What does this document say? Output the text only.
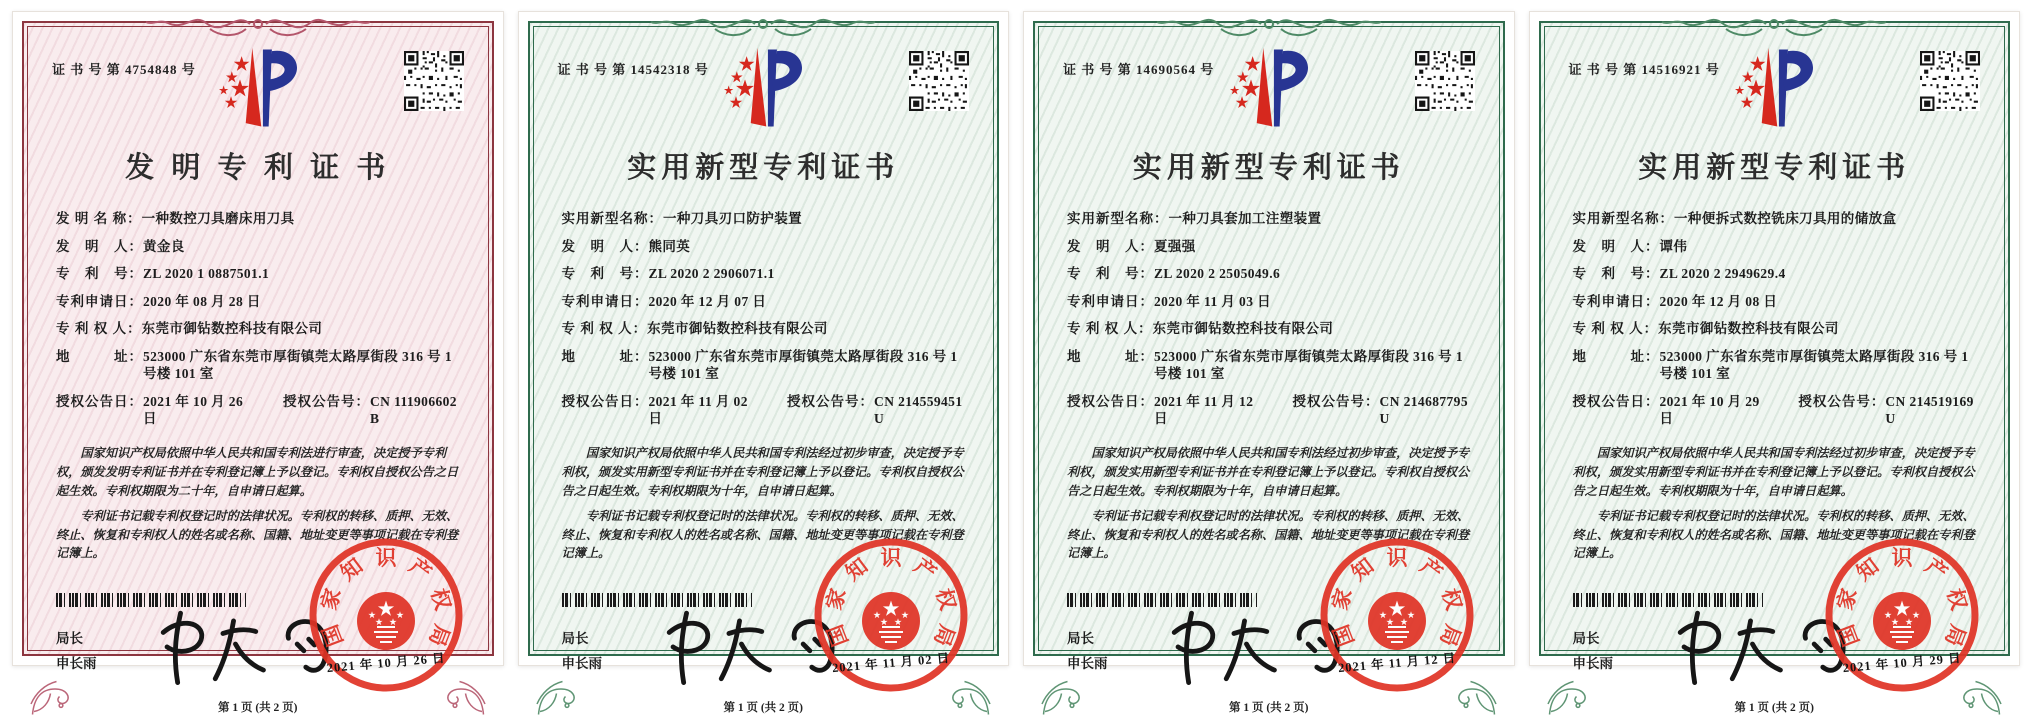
证 书 号 第 4754848 号
发 明 专 利 证 书
发 明 名 称： 一种数控刀具磨床用刀具
发　明　人： 黄金良
专　利　号： ZL 2020 1 0887501.1
专利申请日： 2020 年 08 月 28 日
专 利 权 人： 东莞市御钻数控科技有限公司
地　　　址： 523000 广东省东莞市厚街镇莞太路厚街段 316 号 1 号楼 101 室
授权公告日： 2021 年 10 月 26 日
授权公告号： CN 111906602 B

国家知识产权局依照中华人民共和国专利法进行审查，决定授予专利权，颁发发明专利证书并在专利登记簿上予以登记。专利权自授权公告之日起生效。专利权期限为二十年，自申请日起算。

专利证书记载专利权登记时的法律状况。专利权的转移、质押、无效、终止、恢复和专利权人的姓名或名称、国籍、地址变更等事项记载在专利登记簿上。

局长
申长雨	2021 年 10 月 26 日
第 1 页 (共 2 页)
证 书 号 第 14542318 号
实用新型专利证书
实用新型名称： 一种刀具刃口防护装置
发　明　人： 熊同英
专　利　号： ZL 2020 2 2906071.1
专利申请日： 2020 年 12 月 07 日
专 利 权 人： 东莞市御钻数控科技有限公司
地　　　址： 523000 广东省东莞市厚街镇莞太路厚街段 316 号 1 号楼 101 室
授权公告日： 2021 年 11 月 02 日
授权公告号： CN 214559451 U

国家知识产权局依照中华人民共和国专利法经过初步审查，决定授予专利权，颁发实用新型专利证书并在专利登记簿上予以登记。专利权自授权公告之日起生效。专利权期限为十年，自申请日起算。

专利证书记载专利权登记时的法律状况。专利权的转移、质押、无效、终止、恢复和专利权人的姓名或名称、国籍、地址变更等事项记载在专利登记簿上。

局长
申长雨	2021 年 11 月 02 日
第 1 页 (共 2 页)
证 书 号 第 14690564 号
实用新型专利证书
实用新型名称： 一种刀具套加工注塑装置
发　明　人： 夏强强
专　利　号： ZL 2020 2 2505049.6
专利申请日： 2020 年 11 月 03 日
专 利 权 人： 东莞市御钻数控科技有限公司
地　　　址： 523000 广东省东莞市厚街镇莞太路厚街段 316 号 1 号楼 101 室
授权公告日： 2021 年 11 月 12 日
授权公告号： CN 214687795 U

国家知识产权局依照中华人民共和国专利法经过初步审查，决定授予专利权，颁发实用新型专利证书并在专利登记簿上予以登记。专利权自授权公告之日起生效。专利权期限为十年，自申请日起算。

专利证书记载专利权登记时的法律状况。专利权的转移、质押、无效、终止、恢复和专利权人的姓名或名称、国籍、地址变更等事项记载在专利登记簿上。

局长
申长雨	2021 年 11 月 12 日
第 1 页 (共 2 页)
证 书 号 第 14516921 号
实用新型专利证书
实用新型名称： 一种便拆式数控铣床刀具用的储放盒
发　明　人： 谭伟
专　利　号： ZL 2020 2 2949629.4
专利申请日： 2020 年 12 月 08 日
专 利 权 人： 东莞市御钻数控科技有限公司
地　　　址： 523000 广东省东莞市厚街镇莞太路厚街段 316 号 1 号楼 101 室
授权公告日： 2021 年 10 月 29 日
授权公告号： CN 214519169 U

国家知识产权局依照中华人民共和国专利法经过初步审查，决定授予专利权，颁发实用新型专利证书并在专利登记簿上予以登记。专利权自授权公告之日起生效。专利权期限为十年，自申请日起算。

专利证书记载专利权登记时的法律状况。专利权的转移、质押、无效、终止、恢复和专利权人的姓名或名称、国籍、地址变更等事项记载在专利登记簿上。

局长
申长雨	2021 年 10 月 29 日
第 1 页 (共 2 页)
